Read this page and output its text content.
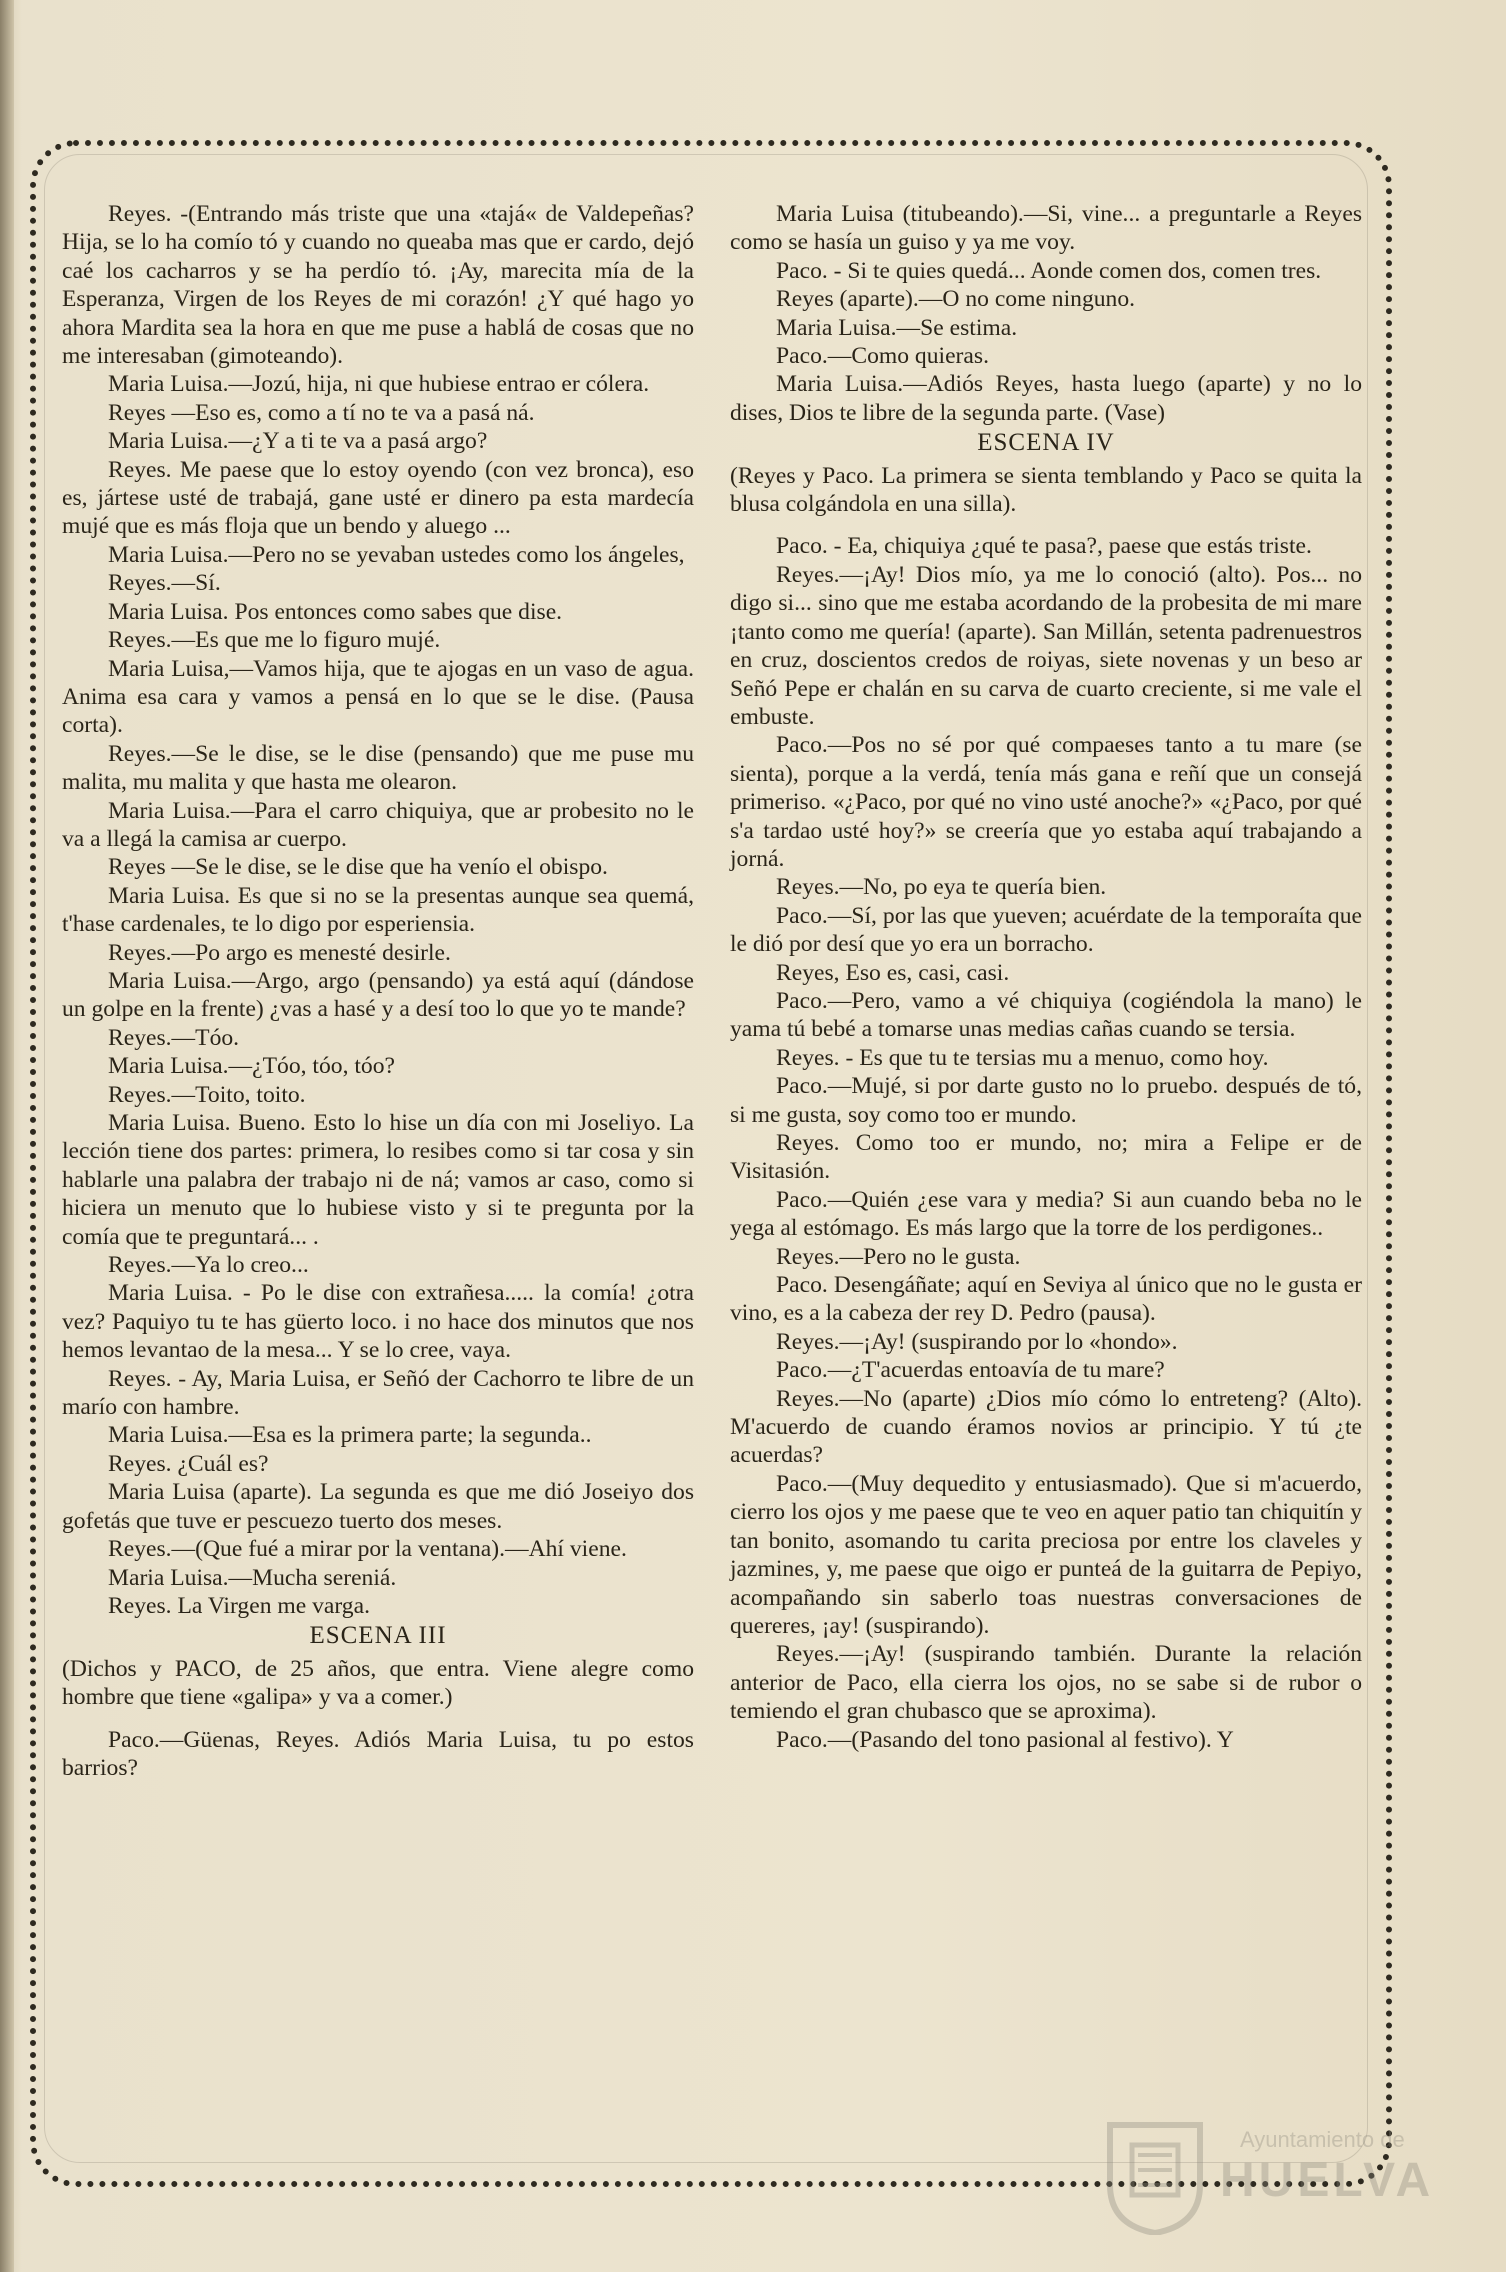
Reyes. -(Entrando más triste que una «tajá« de Valdepeñas? Hija, se lo ha comío tó y cuando no queaba mas que er cardo, dejó caé los cacharros y se ha perdío tó. ¡Ay, marecita mía de la Esperanza, Virgen de los Reyes de mi corazón! ¿Y qué hago yo ahora Mardita sea la hora en que me puse a hablá de cosas que no me interesaban (gimoteando).

Maria Luisa.—Jozú, hija, ni que hubiese entrao er cólera.

Reyes —Eso es, como a tí no te va a pasá ná.

Maria Luisa.—¿Y a ti te va a pasá argo?

Reyes. Me paese que lo estoy oyendo (con vez bronca), eso es, jártese usté de trabajá, gane usté er dinero pa esta mardecía mujé que es más floja que un bendo y aluego ...

Maria Luisa.—Pero no se yevaban ustedes como los ángeles,

Reyes.—Sí.

Maria Luisa. Pos entonces como sabes que dise.

Reyes.—Es que me lo figuro mujé.

Maria Luisa,—Vamos hija, que te ajogas en un vaso de agua. Anima esa cara y vamos a pensá en lo que se le dise. (Pausa corta).

Reyes.—Se le dise, se le dise (pensando) que me puse mu malita, mu malita y que hasta me olearon.

Maria Luisa.—Para el carro chiquiya, que ar probesito no le va a llegá la camisa ar cuerpo.

Reyes —Se le dise, se le dise que ha venío el obispo.

Maria Luisa. Es que si no se la presentas aunque sea quemá, t'hase cardenales, te lo digo por esperiensia.

Reyes.—Po argo es menesté desirle.

Maria Luisa.—Argo, argo (pensando) ya está aquí (dándose un golpe en la frente) ¿vas a hasé y a desí too lo que yo te mande?

Reyes.—Tóo.

Maria Luisa.—¿Tóo, tóo, tóo?

Reyes.—Toito, toito.

Maria Luisa. Bueno. Esto lo hise un día con mi Joseliyo. La lección tiene dos partes: primera, lo resibes como si tar cosa y sin hablarle una palabra der trabajo ni de ná; vamos ar caso, como si hiciera un menuto que lo hubiese visto y si te pregunta por la comía que te preguntará... .

Reyes.—Ya lo creo...

Maria Luisa. - Po le dise con extrañesa..... la comía! ¿otra vez? Paquiyo tu te has güerto loco. i no hace dos minutos que nos hemos levantao de la mesa... Y se lo cree, vaya.

Reyes. - Ay, Maria Luisa, er Señó der Cachorro te libre de un marío con hambre.

Maria Luisa.—Esa es la primera parte; la segunda..

Reyes. ¿Cuál es?

Maria Luisa (aparte). La segunda es que me dió Joseiyo dos gofetás que tuve er pescuezo tuerto dos meses.

Reyes.—(Que fué a mirar por la ventana).—Ahí viene.

Maria Luisa.—Mucha sereniá.

Reyes. La Virgen me varga.

ESCENA III

(Dichos y PACO, de 25 años, que entra. Viene alegre como hombre que tiene «galipa» y va a comer.)

Paco.—Güenas, Reyes. Adiós Maria Luisa, tu po estos barrios?

Maria Luisa (titubeando).—Si, vine... a preguntarle a Reyes como se hasía un guiso y ya me voy.

Paco. - Si te quies quedá... Aonde comen dos, comen tres.

Reyes (aparte).—O no come ninguno.

Maria Luisa.—Se estima.

Paco.—Como quieras.

Maria Luisa.—Adiós Reyes, hasta luego (aparte) y no lo dises, Dios te libre de la segunda parte. (Vase)

ESCENA IV

(Reyes y Paco. La primera se sienta temblando y Paco se quita la blusa colgándola en una silla).

Paco. - Ea, chiquiya ¿qué te pasa?, paese que estás triste.

Reyes.—¡Ay! Dios mío, ya me lo conoció (alto). Pos... no digo si... sino que me estaba acordando de la probesita de mi mare ¡tanto como me quería! (aparte). San Millán, setenta padrenuestros en cruz, doscientos credos de roiyas, siete novenas y un beso ar Señó Pepe er chalán en su carva de cuarto creciente, si me vale el embuste.

Paco.—Pos no sé por qué compaeses tanto a tu mare (se sienta), porque a la verdá, tenía más gana e reñí que un consejá primeriso. «¿Paco, por qué no vino usté anoche?» «¿Paco, por qué s'a tardao usté hoy?» se creería que yo estaba aquí trabajando a jorná.

Reyes.—No, po eya te quería bien.

Paco.—Sí, por las que yueven; acuérdate de la temporaíta que le dió por desí que yo era un borracho.

Reyes, Eso es, casi, casi.

Paco.—Pero, vamo a vé chiquiya (cogiéndola la mano) le yama tú bebé a tomarse unas medias cañas cuando se tersia.

Reyes. - Es que tu te tersias mu a menuo, como hoy.

Paco.—Mujé, si por darte gusto no lo pruebo. después de tó, si me gusta, soy como too er mundo.

Reyes. Como too er mundo, no; mira a Felipe er de Visitasión.

Paco.—Quién ¿ese vara y media? Si aun cuando beba no le yega al estómago. Es más largo que la torre de los perdigones..

Reyes.—Pero no le gusta.

Paco. Desengáñate; aquí en Seviya al único que no le gusta er vino, es a la cabeza der rey D. Pedro (pausa).

Reyes.—¡Ay! (suspirando por lo «hondo».

Paco.—¿T'acuerdas entoavía de tu mare?

Reyes.—No (aparte) ¿Dios mío cómo lo entreteng? (Alto). M'acuerdo de cuando éramos novios ar principio. Y tú ¿te acuerdas?

Paco.—(Muy dequedito y entusiasmado). Que si m'acuerdo, cierro los ojos y me paese que te veo en aquer patio tan chiquitín y tan bonito, asomando tu carita preciosa por entre los claveles y jazmines, y, me paese que oigo er punteá de la guitarra de Pepiyo, acompañando sin saberlo toas nuestras conversaciones de quereres, ¡ay! (suspirando).

Reyes.—¡Ay! (suspirando también. Durante la relación anterior de Paco, ella cierra los ojos, no se sabe si de rubor o temiendo el gran chubasco que se aproxima).

Paco.—(Pasando del tono pasional al festivo). Y

Ayuntamiento de
HUELVA
